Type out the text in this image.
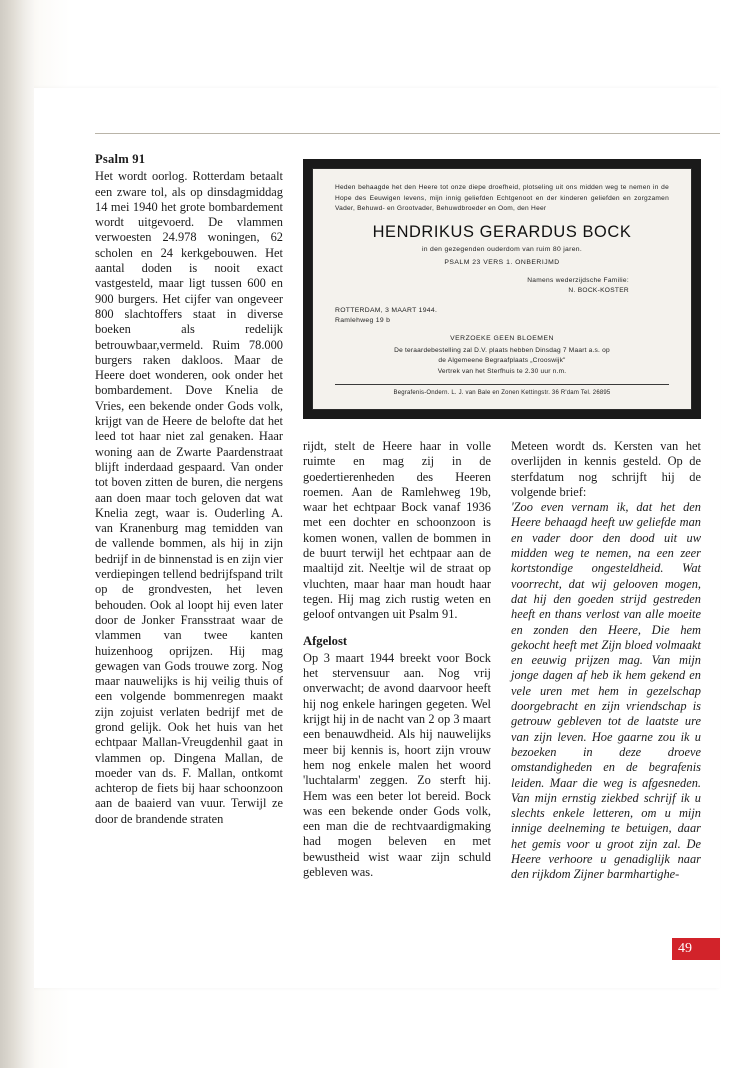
Psalm 91

Het wordt oorlog. Rotterdam betaalt een zware tol, als op dinsdagmiddag 14 mei 1940 het grote bombardement wordt uitgevoerd. De vlammen verwoesten 24.978 woningen, 62 scholen en 24 kerkgebouwen. Het aantal doden is nooit exact vastgesteld, maar ligt tussen 600 en 900 burgers. Het cijfer van ongeveer 800 slachtoffers staat in diverse boeken als redelijk betrouwbaar,vermeld. Ruim 78.000 burgers raken dakloos. Maar de Heere doet wonderen, ook onder het bombardement. Dove Knelia de Vries, een bekende onder Gods volk, krijgt van de Heere de belofte dat het leed tot haar niet zal genaken. Haar woning aan de Zwarte Paardenstraat blijft inderdaad gespaard. Van onder tot boven zitten de buren, die nergens aan doen maar toch geloven dat wat Knelia zegt, waar is. Ouderling A. van Kranenburg mag temidden van de vallende bommen, als hij in zijn bedrijf in de binnenstad is en zijn vier verdiepingen tellend bedrijfspand trilt op de grondvesten, het leven behouden. Ook al loopt hij even later door de Jonker Fransstraat waar de vlammen van twee kanten huizenhoog oprijzen. Hij mag gewagen van Gods trouwe zorg. Nog maar nauwelijks is hij veilig thuis of een volgende bommenregen maakt zijn zojuist verlaten bedrijf met de grond gelijk. Ook het huis van het echtpaar Mallan-Vreugdenhil gaat in vlammen op. Dingena Mallan, de moeder van ds. F. Mallan, ontkomt achterop de fiets bij haar schoonzoon aan de baaierd van vuur. Terwijl ze door de brandende straten

Heden behaagde het den Heere tot onze diepe droefheid, plotseling uit ons midden weg te nemen in de Hope des Eeuwigen levens, mijn innig geliefden Echtgenoot en der kinderen geliefden en zorgzamen Vader, Behuwd- en Grootvader, Behuwdbroeder en Oom, den Heer
HENDRIKUS GERARDUS BOCK
in den gezegenden ouderdom van ruim 80 jaren.
PSALM 23 VERS 1. ONBERIJMD
Namens wederzijdsche Familie:
N. BOCK-KOSTER
ROTTERDAM, 3 MAART 1944.
Ramlehweg 19 b
VERZOEKE GEEN BLOEMEN
De teraardebestelling zal D.V. plaats hebben Dinsdag 7 Maart a.s. op
de Algemeene Begraafplaats „Crooswijk"
Vertrek van het Sterfhuis te 2.30 uur n.m.
Begrafenis-Ondern. L. J. van Bale en Zonen Kettingstr. 36 R'dam Tel. 26895

rijdt, stelt de Heere haar in volle ruimte en mag zij in de goedertierenheden des Heeren roemen. Aan de Ramlehweg 19b, waar het echtpaar Bock vanaf 1936 met een dochter en schoonzoon is komen wonen, vallen de bommen in de buurt terwijl het echtpaar aan de maaltijd zit. Neeltje wil de straat op vluchten, maar haar man houdt haar tegen. Hij mag zich rustig weten en geloof ontvangen uit Psalm 91.

Afgelost

Op 3 maart 1944 breekt voor Bock het stervensuur aan. Nog vrij onverwacht; de avond daarvoor heeft hij nog enkele haringen gegeten. Wel krijgt hij in de nacht van 2 op 3 maart een benauwdheid. Als hij nauwelijks meer bij kennis is, hoort zijn vrouw hem nog enkele malen het woord 'luchtalarm' zeggen. Zo sterft hij. Hem was een beter lot bereid. Bock was een bekende onder Gods volk, een man die de rechtvaardigmaking had mogen beleven en met bewustheid wist waar zijn schuld gebleven was.

Meteen wordt ds. Kersten van het overlijden in kennis gesteld. Op de sterfdatum nog schrijft hij de volgende brief:

'Zoo even vernam ik, dat het den Heere behaagd heeft uw geliefde man en vader door den dood uit uw midden weg te nemen, na een zeer kortstondige ongesteldheid. Wat voorrecht, dat wij gelooven mogen, dat hij den goeden strijd gestreden heeft en thans verlost van alle moeite en zonden den Heere, Die hem gekocht heeft met Zijn bloed volmaakt en eeuwig prijzen mag. Van mijn jonge dagen af heb ik hem gekend en vele uren met hem in gezelschap doorgebracht en zijn vriendschap is getrouw gebleven tot de laatste ure van zijn leven. Hoe gaarne zou ik u bezoeken in deze droeve omstandigheden en de begrafenis leiden. Maar die weg is afgesneden. Van mijn ernstig ziekbed schrijf ik u slechts enkele letteren, om u mijn innige deelneming te betuigen, daar het gemis voor u groot zijn zal. De Heere verhoore u genadiglijk naar den rijkdom Zijner barmhartighe-

49
